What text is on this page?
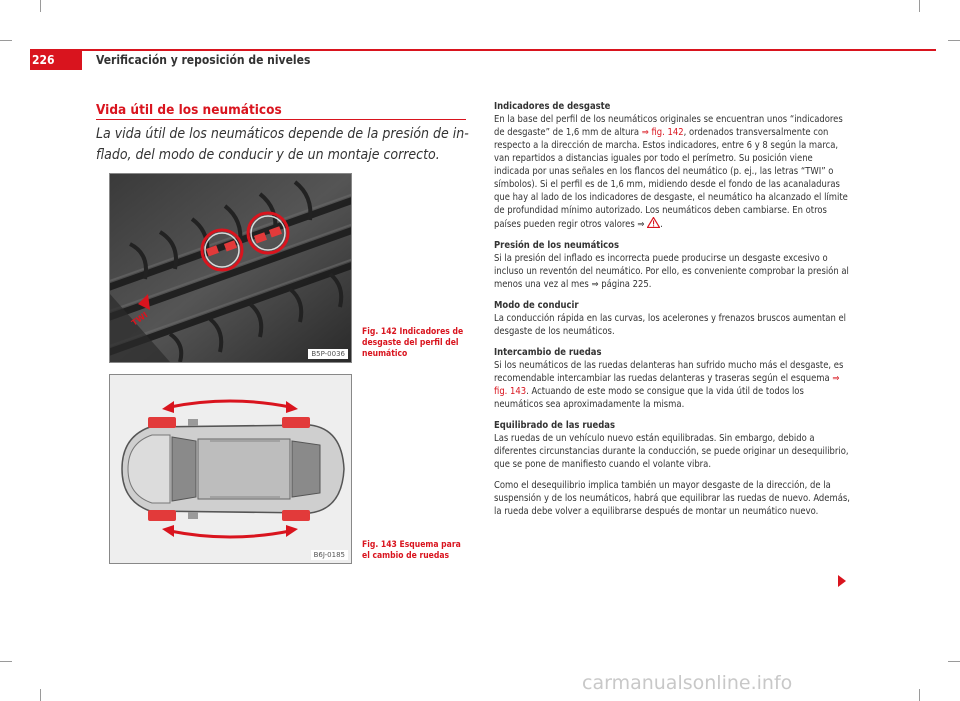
226	Verificación y reposición de niveles
Vida útil de los neumáticos
La vida útil de los neumáticos depende de la presión de inflado, del modo de conducir y de un montaje correcto.
TWI
B5P-0036
Fig. 142 Indicadores de desgaste del perfil del neumático
B6J-0185
Fig. 143 Esquema para el cambio de ruedas

Indicadores de desgaste
En la base del perfil de los neumáticos originales se encuentran unos “indicadores de desgaste” de 1,6 mm de altura ⇒ fig. 142, ordenados transversalmente con respecto a la dirección de marcha. Estos indicadores, entre 6 y 8 según la marca, van repartidos a distancias iguales por todo el perímetro. Su posición viene indicada por unas señales en los flancos del neumático (p. ej., las letras “TWI” o símbolos). Si el perfil es de 1,6 mm, midiendo desde el fondo de las acanaladuras que hay al lado de los indicadores de desgaste, el neumático ha alcanzado el límite de profundidad mínimo autorizado. Los neumáticos deben cambiarse. En otros países pueden regir otros valores ⇒ .

Presión de los neumáticos
Si la presión del inflado es incorrecta puede producirse un desgaste excesivo o incluso un reventón del neumático. Por ello, es conveniente comprobar la presión al menos una vez al mes ⇒ página 225.

Modo de conducir
La conducción rápida en las curvas, los acelerones y frenazos bruscos aumentan el desgaste de los neumáticos.

Intercambio de ruedas
Si los neumáticos de las ruedas delanteras han sufrido mucho más el desgaste, es recomendable intercambiar las ruedas delanteras y traseras según el esquema ⇒ fig. 143. Actuando de este modo se consigue que la vida útil de todos los neumáticos sea aproximadamente la misma.

Equilibrado de las ruedas
Las ruedas de un vehículo nuevo están equilibradas. Sin embargo, debido a diferentes circunstancias durante la conducción, se puede originar un desequilibrio, que se pone de manifiesto cuando el volante vibra.

Como el desequilibrio implica también un mayor desgaste de la dirección, de la suspensión y de los neumáticos, habrá que equilibrar las ruedas de nuevo. Además, la rueda debe volver a equilibrarse después de montar un neumático nuevo.

carmanualsonline.info
